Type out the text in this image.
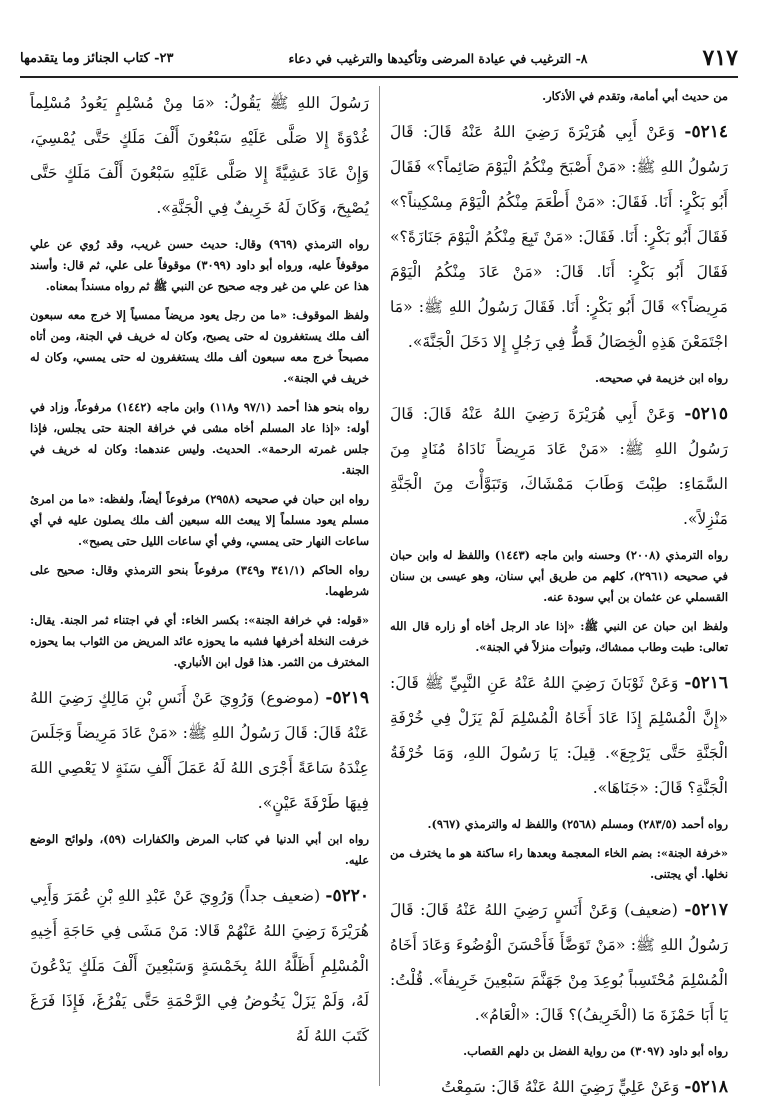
٧١٧
٨- الترغيب في عيادة المرضى وتأكيدها والترغيب في دعاء
٢٣- كتاب الجنائز وما يتقدمها

من حديث أبي أمامة، وتقدم في الأذكار.

٥٢١٤- وَعَنْ أَبِي هُرَيْرَةَ رَضِيَ اللهُ عَنْهُ قَالَ: قَالَ رَسُولُ اللهِ ﷺ: «مَنْ أَصْبَحَ مِنْكُمُ الْيَوْمَ صَائِماً؟» فَقَالَ أَبُو بَكْرٍ: أَنَا. فَقَالَ: «مَنْ أَطْعَمَ مِنْكُمُ الْيَوْمَ مِسْكِيناً؟» فَقَالَ أَبُو بَكْرٍ: أَنَا. فَقَالَ: «مَنْ تَبِعَ مِنْكُمُ الْيَوْمَ جَنَازَةً؟» فَقَالَ أَبُو بَكْرٍ: أَنَا. قَالَ: «مَنْ عَادَ مِنْكُمُ الْيَوْمَ مَرِيضاً؟» قَالَ أَبُو بَكْرٍ: أَنَا. فَقَالَ رَسُولُ اللهِ ﷺ: «مَا اجْتَمَعْنَ هَذِهِ الْخِصَالُ قَطُّ فِي رَجُلٍ إِلا دَخَلَ الْجَنَّةَ».

رواه ابن خزيمة في صحيحه.

٥٢١٥- وَعَنْ أَبِي هُرَيْرَةَ رَضِيَ اللهُ عَنْهُ قَالَ: قَالَ رَسُولُ اللهِ ﷺ: «مَنْ عَادَ مَرِيضاً نَادَاهُ مُنَادٍ مِنَ السَّمَاءِ: طِبْتَ وَطَابَ مَمْشَاكَ، وَتَبَوَّأْتَ مِنَ الْجَنَّةِ مَنْزِلاً».

رواه الترمذي (٢٠٠٨) وحسنه وابن ماجه (١٤٤٣) واللفظ له وابن حبان في صحيحه (٢٩٦١)، كلهم من طريق أبي سنان، وهو عيسى بن سنان القسملي عن عثمان بن أبي سودة عنه.

ولفظ ابن حبان عن النبي ﷺ: «إذا عاد الرجل أخاه أو زاره قال الله تعالى: طبت وطاب ممشاك، وتبوأت منزلاً في الجنة».

٥٢١٦- وَعَنْ ثَوْبَانَ رَضِيَ اللهُ عَنْهُ عَنِ النَّبِيِّ ﷺ قَالَ: «إِنَّ الْمُسْلِمَ إِذَا عَادَ أَخَاهُ الْمُسْلِمَ لَمْ يَزَلْ فِي خُرْفَةِ الْجَنَّةِ حَتَّى يَرْجِعَ». قِيلَ: يَا رَسُولَ اللهِ، وَمَا خُرْفَةُ الْجَنَّةِ؟ قَالَ: «جَنَاهَا».

رواه أحمد (٢٨٣/٥) ومسلم (٢٥٦٨) واللفظ له والترمذي (٩٦٧).

«خرفة الجنة»: بضم الخاء المعجمة وبعدها راء ساكنة هو ما يخترف من نخلها. أي يجتنى.

٥٢١٧- (ضعيف) وَعَنْ أَنَسٍ رَضِيَ اللهُ عَنْهُ قَالَ: قَالَ رَسُولُ اللهِ ﷺ: «مَنْ تَوَضَّأَ فَأَحْسَنَ الْوُضُوءَ وَعَادَ أَخَاهُ الْمُسْلِمَ مُحْتَسِباً بُوعِدَ مِنْ جَهَنَّمَ سَبْعِينَ خَرِيفاً». قُلْتُ: يَا أَبَا حَمْزَةَ مَا (الْخَرِيفُ)؟ قَالَ: «الْعَامُ».

رواه أبو داود (٣٠٩٧) من رواية الفضل بن دلهم القصاب.

٥٢١٨- وَعَنْ عَلِيٍّ رَضِيَ اللهُ عَنْهُ قَالَ: سَمِعْتُ

رَسُولَ اللهِ ﷺ يَقُولُ: «مَا مِنْ مُسْلِمٍ يَعُودُ مُسْلِماً غُدْوَةً إِلا صَلَّى عَلَيْهِ سَبْعُونَ أَلْفَ مَلَكٍ حَتَّى يُمْسِيَ، وَإِنْ عَادَ عَشِيَّةً إِلا صَلَّى عَلَيْهِ سَبْعُونَ أَلْفَ مَلَكٍ حَتَّى يُصْبِحَ، وَكَانَ لَهُ خَرِيفٌ فِي الْجَنَّةِ».

رواه الترمذي (٩٦٩) وقال: حديث حسن غريب، وقد رُوي عن علي موقوفاً عليه، ورواه أبو داود (٣٠٩٩) موقوفاً على علي، ثم قال: وأسند هذا عن علي من غير وجه صحيح عن النبي ﷺ ثم رواه مسنداً بمعناه.

ولفظ الموقوف: «ما من رجل يعود مريضاً ممسياً إلا خرج معه سبعون ألف ملك يستغفرون له حتى يصبح، وكان له خريف في الجنة، ومن أتاه مصبحاً خرج معه سبعون ألف ملك يستغفرون له حتى يمسي، وكان له خريف في الجنة».

رواه بنحو هذا أحمد (٩٧/١ و١١٨) وابن ماجه (١٤٤٢) مرفوعاً، وزاد في أوله: «إذا عاد المسلم أخاه مشى في خرافة الجنة حتى يجلس، فإذا جلس غمرته الرحمة». الحديث. وليس عندهما: وكان له خريف في الجنة.

رواه ابن حبان في صحيحه (٢٩٥٨) مرفوعاً أيضاً، ولفظه: «ما من امرئ مسلم يعود مسلماً إلا يبعث الله سبعين ألف ملك يصلون عليه في أي ساعات النهار حتى يمسي، وفي أي ساعات الليل حتى يصبح».

رواه الحاكم (٣٤١/١ و٣٤٩) مرفوعاً بنحو الترمذي وقال: صحيح على شرطهما.

«قوله: في خرافة الجنة»: بكسر الخاء: أي في اجتناء ثمر الجنة. يقال: خرفت النخلة أخرفها فشبه ما يحوزه عائد المريض من الثواب بما يحوزه المخترف من الثمر. هذا قول ابن الأنباري.

٥٢١٩- (موضوع) وَرُوِيَ عَنْ أَنَسِ بْنِ مَالِكٍ رَضِيَ اللهُ عَنْهُ قَالَ: قَالَ رَسُولُ اللهِ ﷺ: «مَنْ عَادَ مَرِيضاً وَجَلَسَ عِنْدَهُ سَاعَةً أَجْرَى اللهُ لَهُ عَمَلَ أَلْفِ سَنَةٍ لا يَعْصِي اللهَ فِيهَا طَرْفَةَ عَيْنٍ».

رواه ابن أبي الدنيا في كتاب المرض والكفارات (٥٩)، ولوائح الوضع عليه.

٥٢٢٠- (ضعيف جداً) وَرُوِيَ عَنْ عَبْدِ اللهِ بْنِ عُمَرَ وَأَبِي هُرَيْرَةَ رَضِيَ اللهُ عَنْهُمْ قَالا: مَنْ مَشَى فِي حَاجَةِ أَخِيهِ الْمُسْلِمِ أَظَلَّهُ اللهُ بِخَمْسَةٍ وَسَبْعِينَ أَلْفَ مَلَكٍ يَدْعُونَ لَهُ، وَلَمْ يَزَلْ يَخُوضُ فِي الرَّحْمَةِ حَتَّى يَفْرُغَ، فَإِذَا فَرَغَ كَتَبَ اللهُ لَهُ
